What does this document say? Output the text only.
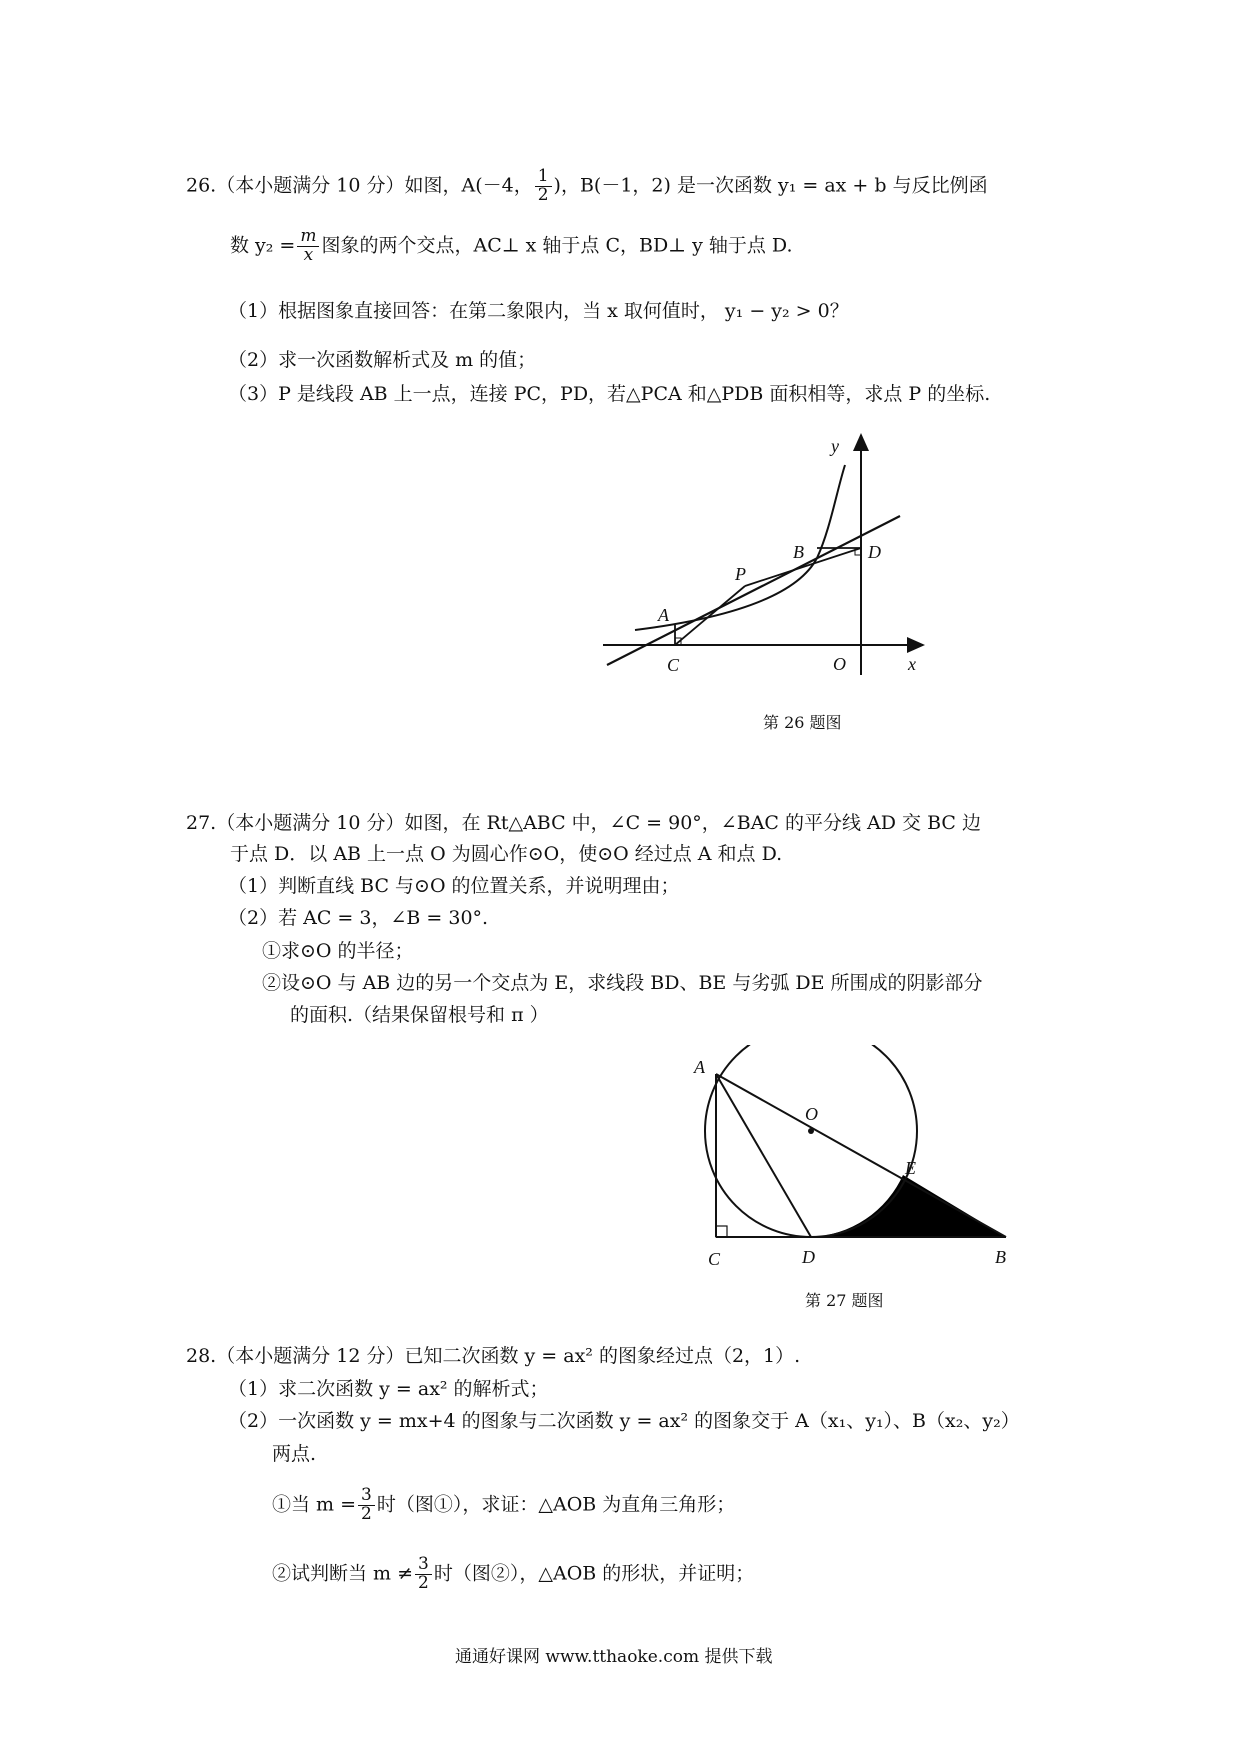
26.（本小题满分 10 分）如图，A(－4， $\frac{1}{2}$ )，B(－1，2) 是一次函数 y₁ = ax + b 与反比例函
数 $y_2 = \frac{m}{x}$ 图象的两个交点，AC⊥ x 轴于点 C，BD⊥ y 轴于点 D.
（1）根据图象直接回答：在第二象限内，当 x 取何值时， y₁ − y₂ > 0？
（2）求一次函数解析式及 m 的值；
（3）P 是线段 AB 上一点，连接 PC，PD，若△PCA 和△PDB 面积相等，求点 P 的坐标.
y
x
O
A
B
C
D
P
第 26 题图
27.（本小题满分 10 分）如图，在 Rt△ABC 中，∠C = 90°，∠BAC 的平分线 AD 交 BC 边
于点 D．以 AB 上一点 O 为圆心作⊙O，使⊙O 经过点 A 和点 D.
（1）判断直线 BC 与⊙O 的位置关系，并说明理由；
（2）若 AC = 3，∠B = 30°.
①求⊙O 的半径；
②设⊙O 与 AB 边的另一个交点为 E，求线段 BD、BE 与劣弧 DE 所围成的阴影部分
的面积.（结果保留根号和 π ）
A
O
E
C	D	B
第 27 题图
28.（本小题满分 12 分）已知二次函数 y = ax² 的图象经过点（2，1）.
（1）求二次函数 y = ax² 的解析式；
（2）一次函数 y = mx+4 的图象与二次函数 y = ax² 的图象交于 A（x₁、y₁）、B（x₂、y₂）
两点.
①当 $m = \frac{3}{2}$ 时（图①），求证：△AOB 为直角三角形；
②试判断当 $m \ne \frac{3}{2}$ 时（图②），△AOB 的形状，并证明；
通通好课网 www.tthaoke.com 提供下载
